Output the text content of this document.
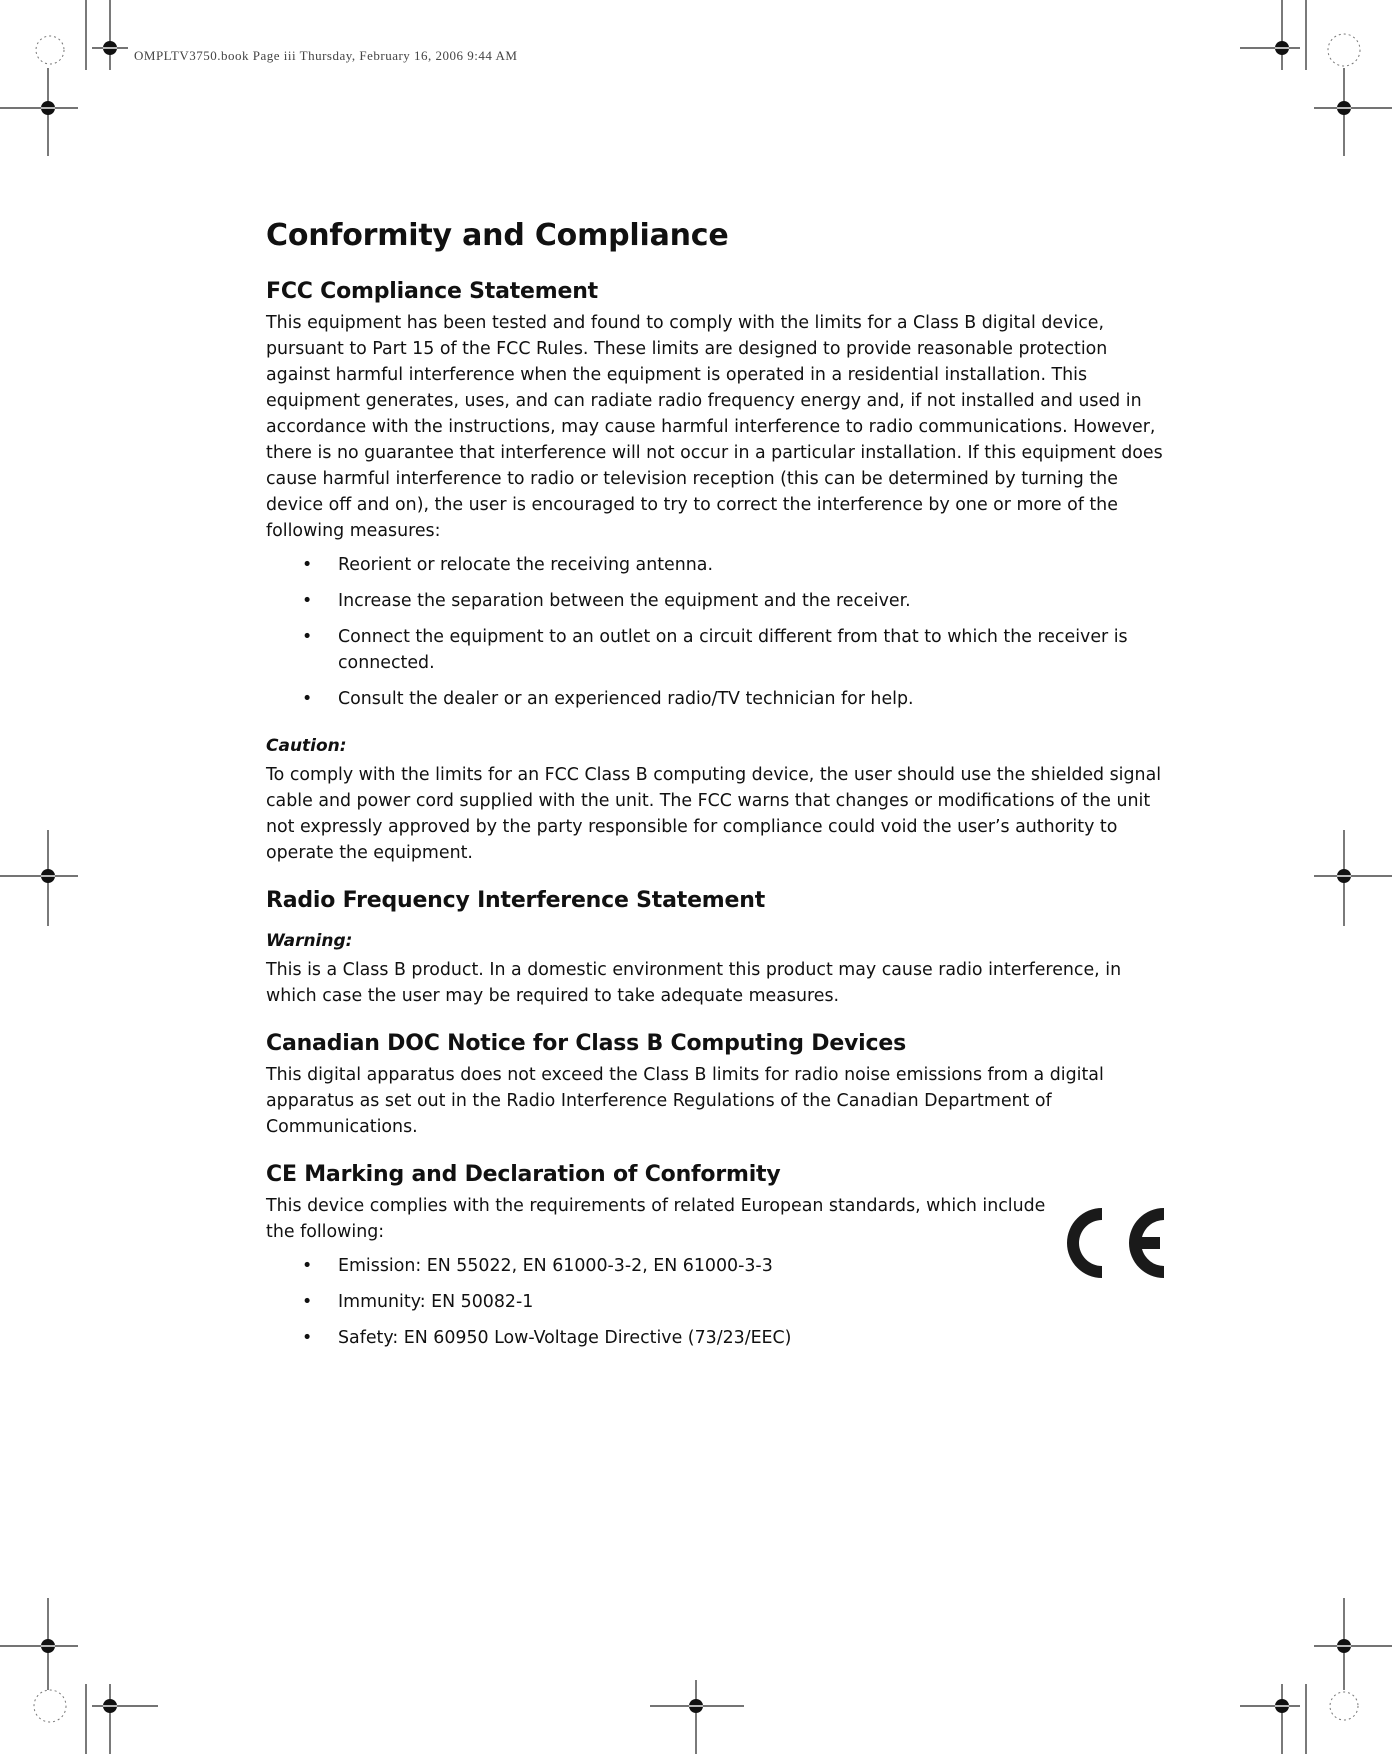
OMPLTV3750.book Page iii Thursday, February 16, 2006 9:44 AM
Conformity and Compliance
FCC Compliance Statement

This equipment has been tested and found to comply with the limits for a Class B digital device, pursuant to Part 15 of the FCC Rules. These limits are designed to provide reasonable protection against harmful interference when the equipment is operated in a residential installation. This equipment generates, uses, and can radiate radio frequency energy and, if not installed and used in accordance with the instructions, may cause harmful interference to radio communications. However, there is no guarantee that interference will not occur in a particular installation. If this equipment does cause harmful interference to radio or television reception (this can be determined by turning the device off and on), the user is encouraged to try to correct the interference by one or more of the following measures:

• Reorient or relocate the receiving antenna.
• Increase the separation between the equipment and the receiver.
• Connect the equipment to an outlet on a circuit different from that to which the receiver is connected.
• Consult the dealer or an experienced radio/TV technician for help.
Caution:

To comply with the limits for an FCC Class B computing device, the user should use the shielded signal cable and power cord supplied with the unit. The FCC warns that changes or modifications of the unit not expressly approved by the party responsible for compliance could void the user’s authority to operate the equipment.

Radio Frequency Interference Statement
Warning:

This is a Class B product. In a domestic environment this product may cause radio interference, in which case the user may be required to take adequate measures.

Canadian DOC Notice for Class B Computing Devices

This digital apparatus does not exceed the Class B limits for radio noise emissions from a digital apparatus as set out in the Radio Interference Regulations of the Canadian Department of Communications.

CE Marking and Declaration of Conformity

This device complies with the requirements of related European standards, which include the following:

• Emission: EN 55022, EN 61000-3-2, EN 61000-3-3
• Immunity: EN 50082-1
• Safety: EN 60950 Low-Voltage Directive (73/23/EEC)
